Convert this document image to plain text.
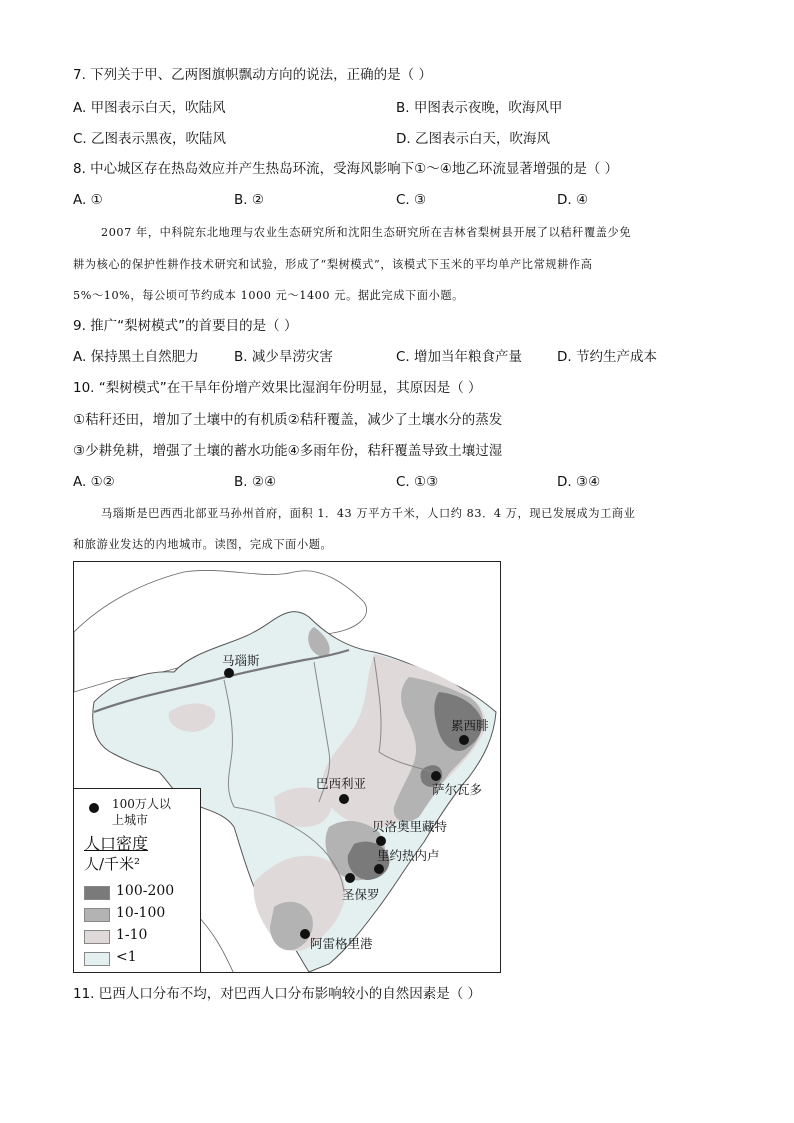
7. 下列关于甲、乙两图旗帜飘动方向的说法，正确的是（ ）
A. 甲图表示白天，吹陆风	B. 甲图表示夜晚，吹海风甲
C. 乙图表示黑夜，吹陆风	D. 乙图表示白天，吹海风
8. 中心城区存在热岛效应并产生热岛环流，受海风影响下①～④地乙环流显著增强的是（ ）
A. ①	B. ②	C. ③	D. ④
2007 年，中科院东北地理与农业生态研究所和沈阳生态研究所在吉林省梨树县开展了以秸秆覆盖少免
耕为核心的保护性耕作技术研究和试验，形成了“梨树模式”，该模式下玉米的平均单产比常规耕作高
5%～10%，每公顷可节约成本 1000 元～1400 元。据此完成下面小题。
9. 推广“梨树模式”的首要目的是（ ）
A. 保持黑土自然肥力	B. 减少旱涝灾害	C. 增加当年粮食产量	D. 节约生产成本
10. “梨树模式”在干旱年份增产效果比湿润年份明显，其原因是（ ）
①秸秆还田，增加了土壤中的有机质②秸秆覆盖，减少了土壤水分的蒸发
③少耕免耕，增强了土壤的蓄水功能④多雨年份，秸秆覆盖导致土壤过湿
A. ①②	B. ②④	C. ①③	D. ③④
马瑙斯是巴西西北部亚马孙州首府，面积 1．43 万平方千米，人口约 83．4 万，现已发展成为工商业
和旅游业发达的内地城市。读图，完成下面小题。
马瑙斯
累西腓
萨尔瓦多
巴西利亚
贝洛奥里藏特
里约热内卢
圣保罗
阿雷格里港
100万人以
上城市
人口密度
人/千米²
100-200
10-100
1-10
<1
11. 巴西人口分布不均，对巴西人口分布影响较小的自然因素是（ ）
